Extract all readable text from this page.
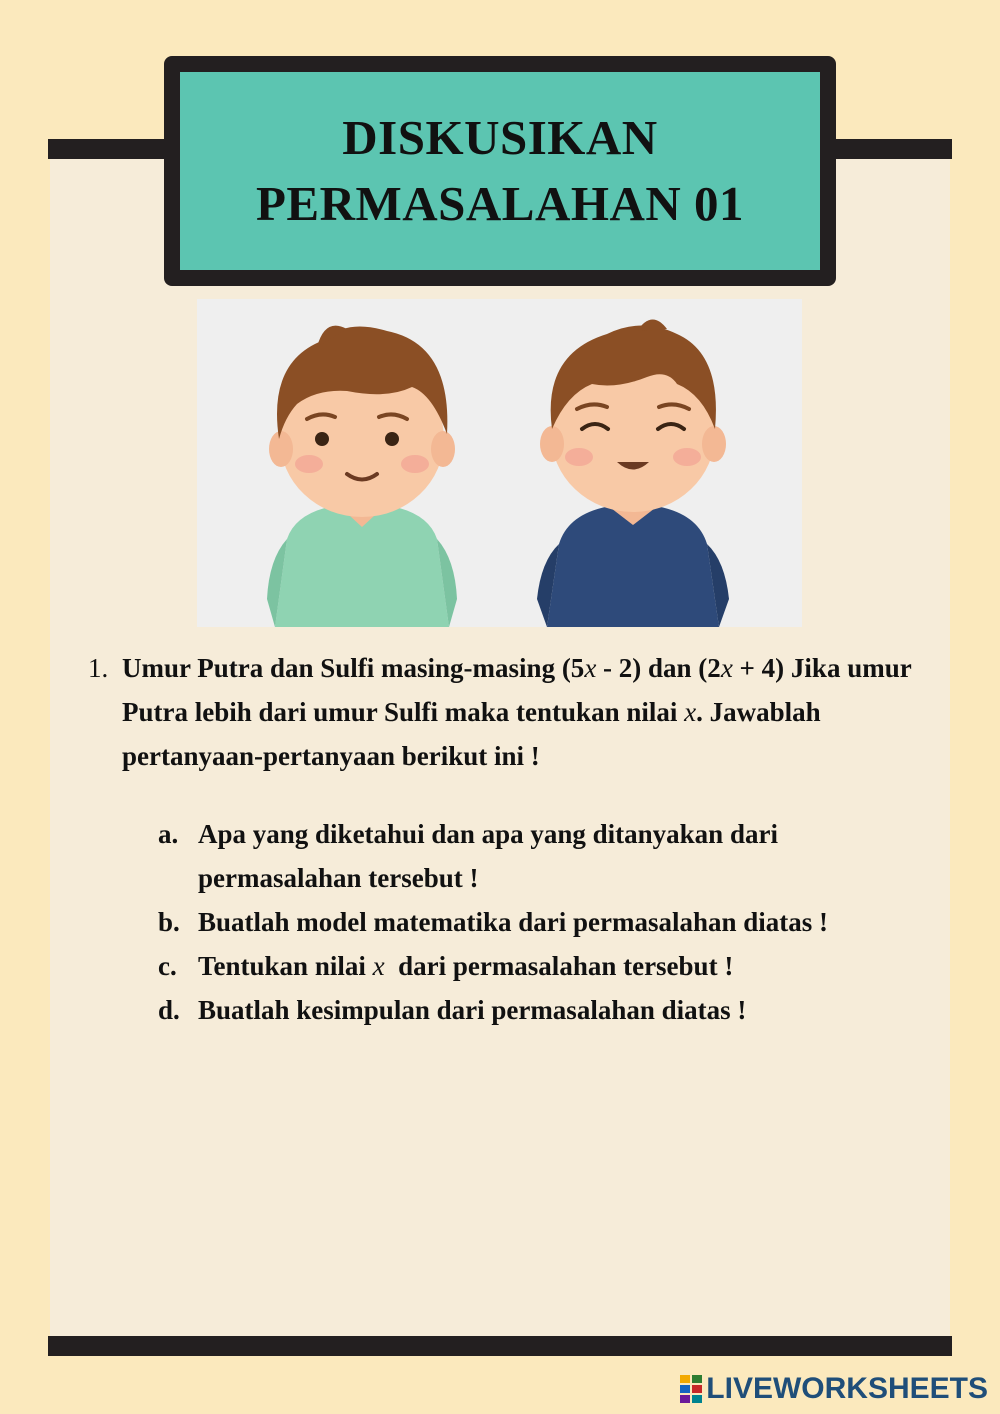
DISKUSIKAN
PERMASALAHAN 01
1. Umur Putra dan Sulfi masing-masing (5x - 2) dan (2x + 4) Jika umur Putra lebih dari umur Sulfi maka tentukan nilai x. Jawablah pertanyaan-pertanyaan berikut ini !

a. Apa yang diketahui dan apa yang ditanyakan dari permasalahan tersebut !

b. Buatlah model matematika dari permasalahan diatas !

c. Tentukan nilai x  dari permasalahan tersebut !

d. Buatlah kesimpulan dari permasalahan diatas !

LIVEWORKSHEETS
